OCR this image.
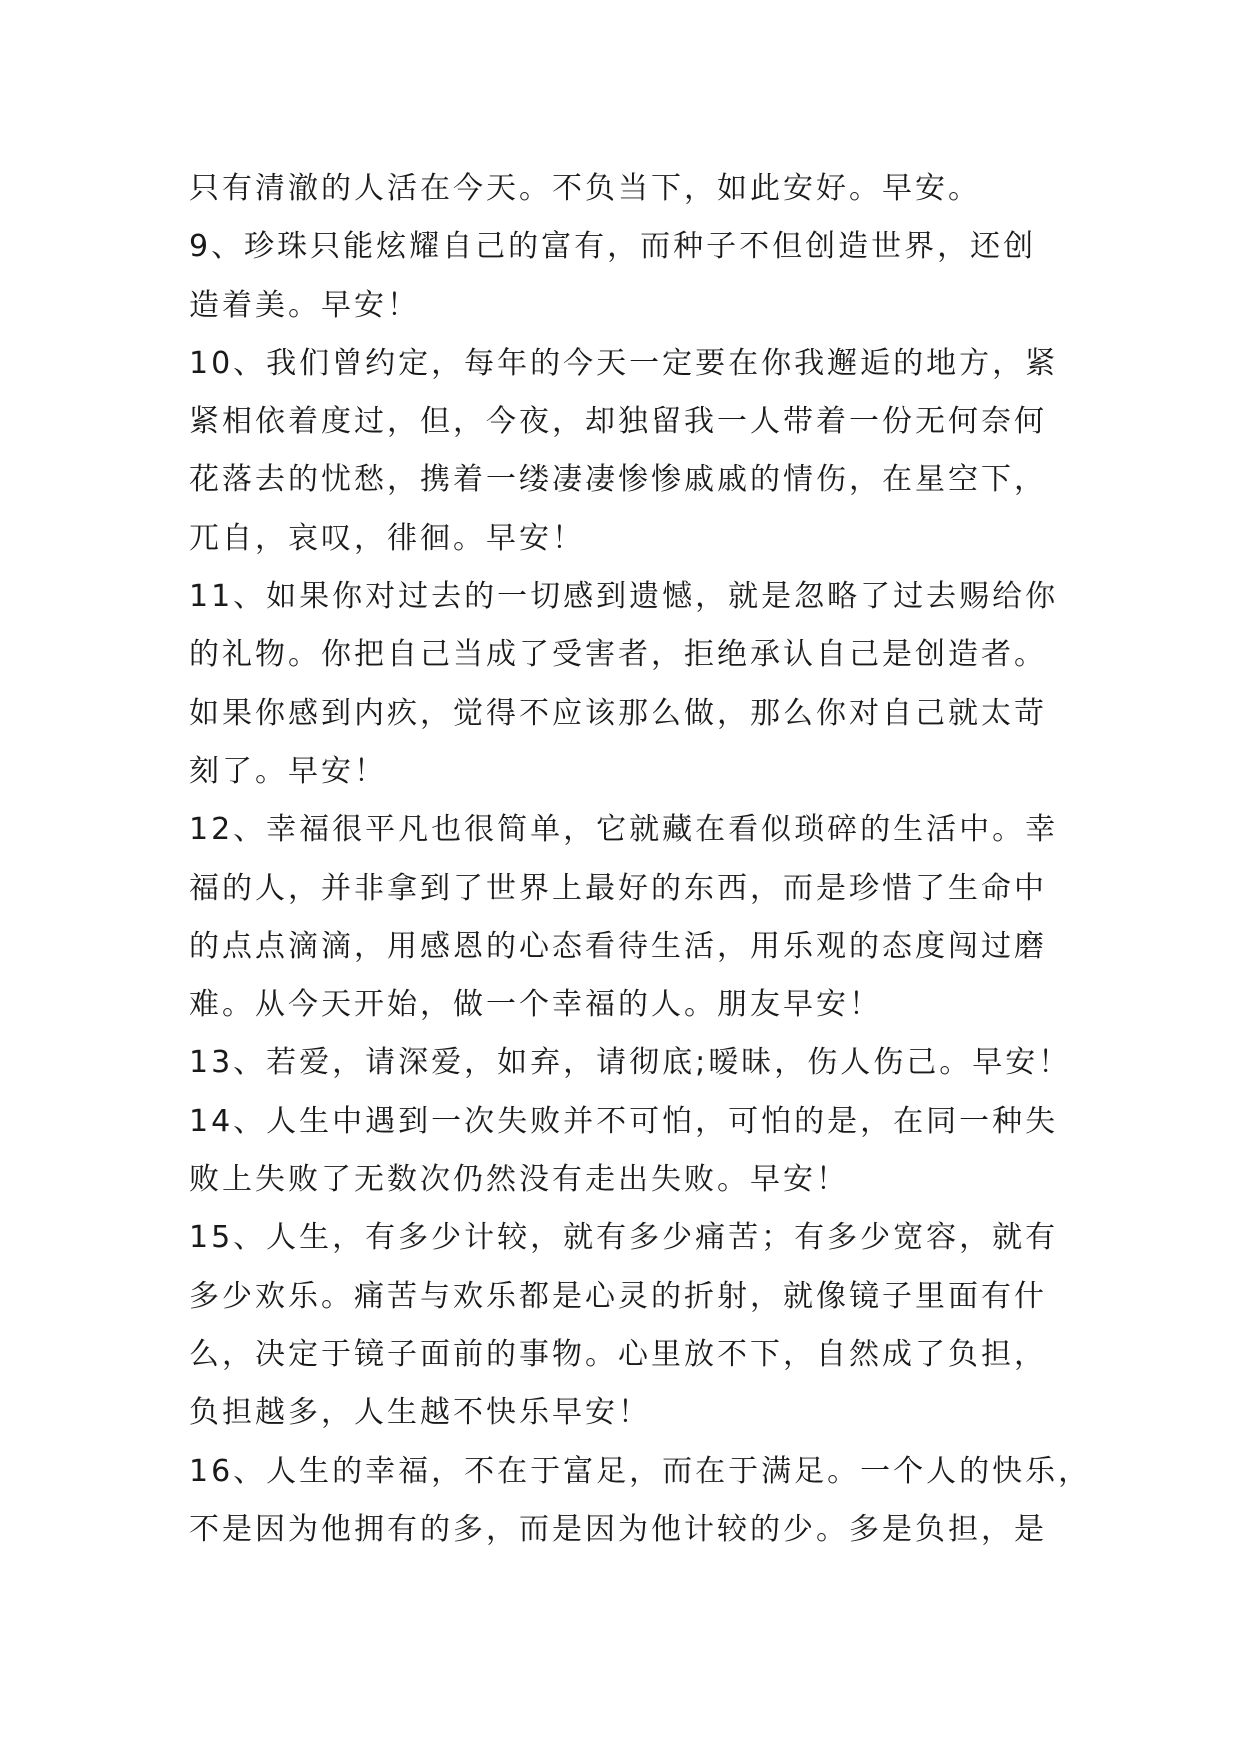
只有清澈的人活在今天。不负当下，如此安好。早安。
9、珍珠只能炫耀自己的富有，而种子不但创造世界，还创
造着美。早安！
10、我们曾约定，每年的今天一定要在你我邂逅的地方，紧
紧相依着度过，但，今夜，却独留我一人带着一份无何奈何
花落去的忧愁，携着一缕凄凄惨惨戚戚的情伤，在星空下，
兀自，哀叹，徘徊。早安！
11、如果你对过去的一切感到遗憾，就是忽略了过去赐给你
的礼物。你把自己当成了受害者，拒绝承认自己是创造者。
如果你感到内疚，觉得不应该那么做，那么你对自己就太苛
刻了。早安！
12、幸福很平凡也很简单，它就藏在看似琐碎的生活中。幸
福的人，并非拿到了世界上最好的东西，而是珍惜了生命中
的点点滴滴，用感恩的心态看待生活，用乐观的态度闯过磨
难。从今天开始，做一个幸福的人。朋友早安！
13、若爱，请深爱，如弃，请彻底;暧昧，伤人伤己。早安！
14、人生中遇到一次失败并不可怕，可怕的是，在同一种失
败上失败了无数次仍然没有走出失败。早安！
15、人生，有多少计较，就有多少痛苦；有多少宽容，就有
多少欢乐。痛苦与欢乐都是心灵的折射，就像镜子里面有什
么，决定于镜子面前的事物。心里放不下，自然成了负担，
负担越多，人生越不快乐早安！
16、人生的幸福，不在于富足，而在于满足。一个人的快乐，
不是因为他拥有的多，而是因为他计较的少。多是负担，是
